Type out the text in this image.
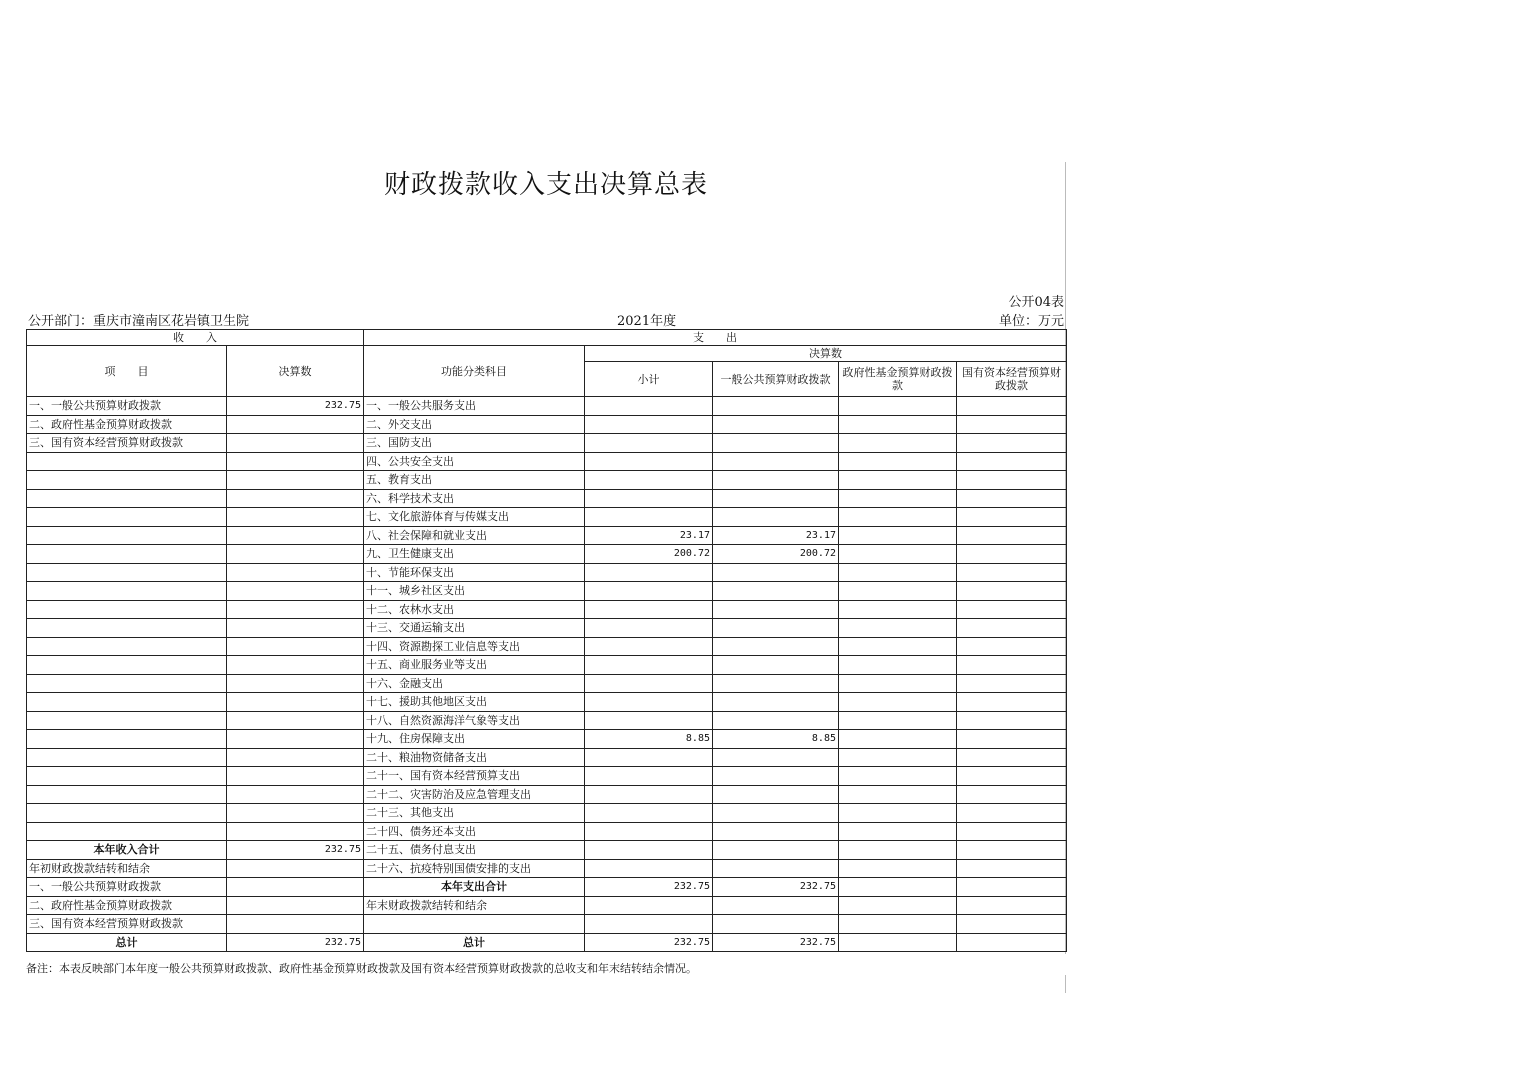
财政拨款收入支出决算总表
公开04表
公开部门：重庆市潼南区花岩镇卫生院	2021年度	单位：万元
收　　入		支　　出				
项　　目	决算数	功能分类科目	决算数			
			小计	一般公共预算财政拨款	政府性基金预算财政拨款	国有资本经营预算财政拨款

一、一般公共预算财政拨款	232.75	一、一般公共服务支出				
二、政府性基金预算财政拨款		二、外交支出				
三、国有资本经营预算财政拨款		三、国防支出				
		四、公共安全支出				
		五、教育支出				
		六、科学技术支出				
		七、文化旅游体育与传媒支出				
		八、社会保障和就业支出	23.17	23.17		
		九、卫生健康支出	200.72	200.72		
		十、节能环保支出				
		十一、城乡社区支出				
		十二、农林水支出				
		十三、交通运输支出				
		十四、资源勘探工业信息等支出				
		十五、商业服务业等支出				
		十六、金融支出				
		十七、援助其他地区支出				
		十八、自然资源海洋气象等支出				
		十九、住房保障支出	8.85	8.85		
		二十、粮油物资储备支出				
		二十一、国有资本经营预算支出				
		二十二、灾害防治及应急管理支出				
		二十三、其他支出				
		二十四、债务还本支出				
本年收入合计	232.75	二十五、债务付息支出				
年初财政拨款结转和结余		二十六、抗疫特别国债安排的支出				
一、一般公共预算财政拨款		本年支出合计	232.75	232.75		
二、政府性基金预算财政拨款		年末财政拨款结转和结余				
三、国有资本经营预算财政拨款						
总计	232.75	总计	232.75	232.75		
备注：本表反映部门本年度一般公共预算财政拨款、政府性基金预算财政拨款及国有资本经营预算财政拨款的总收支和年末结转结余情况。
